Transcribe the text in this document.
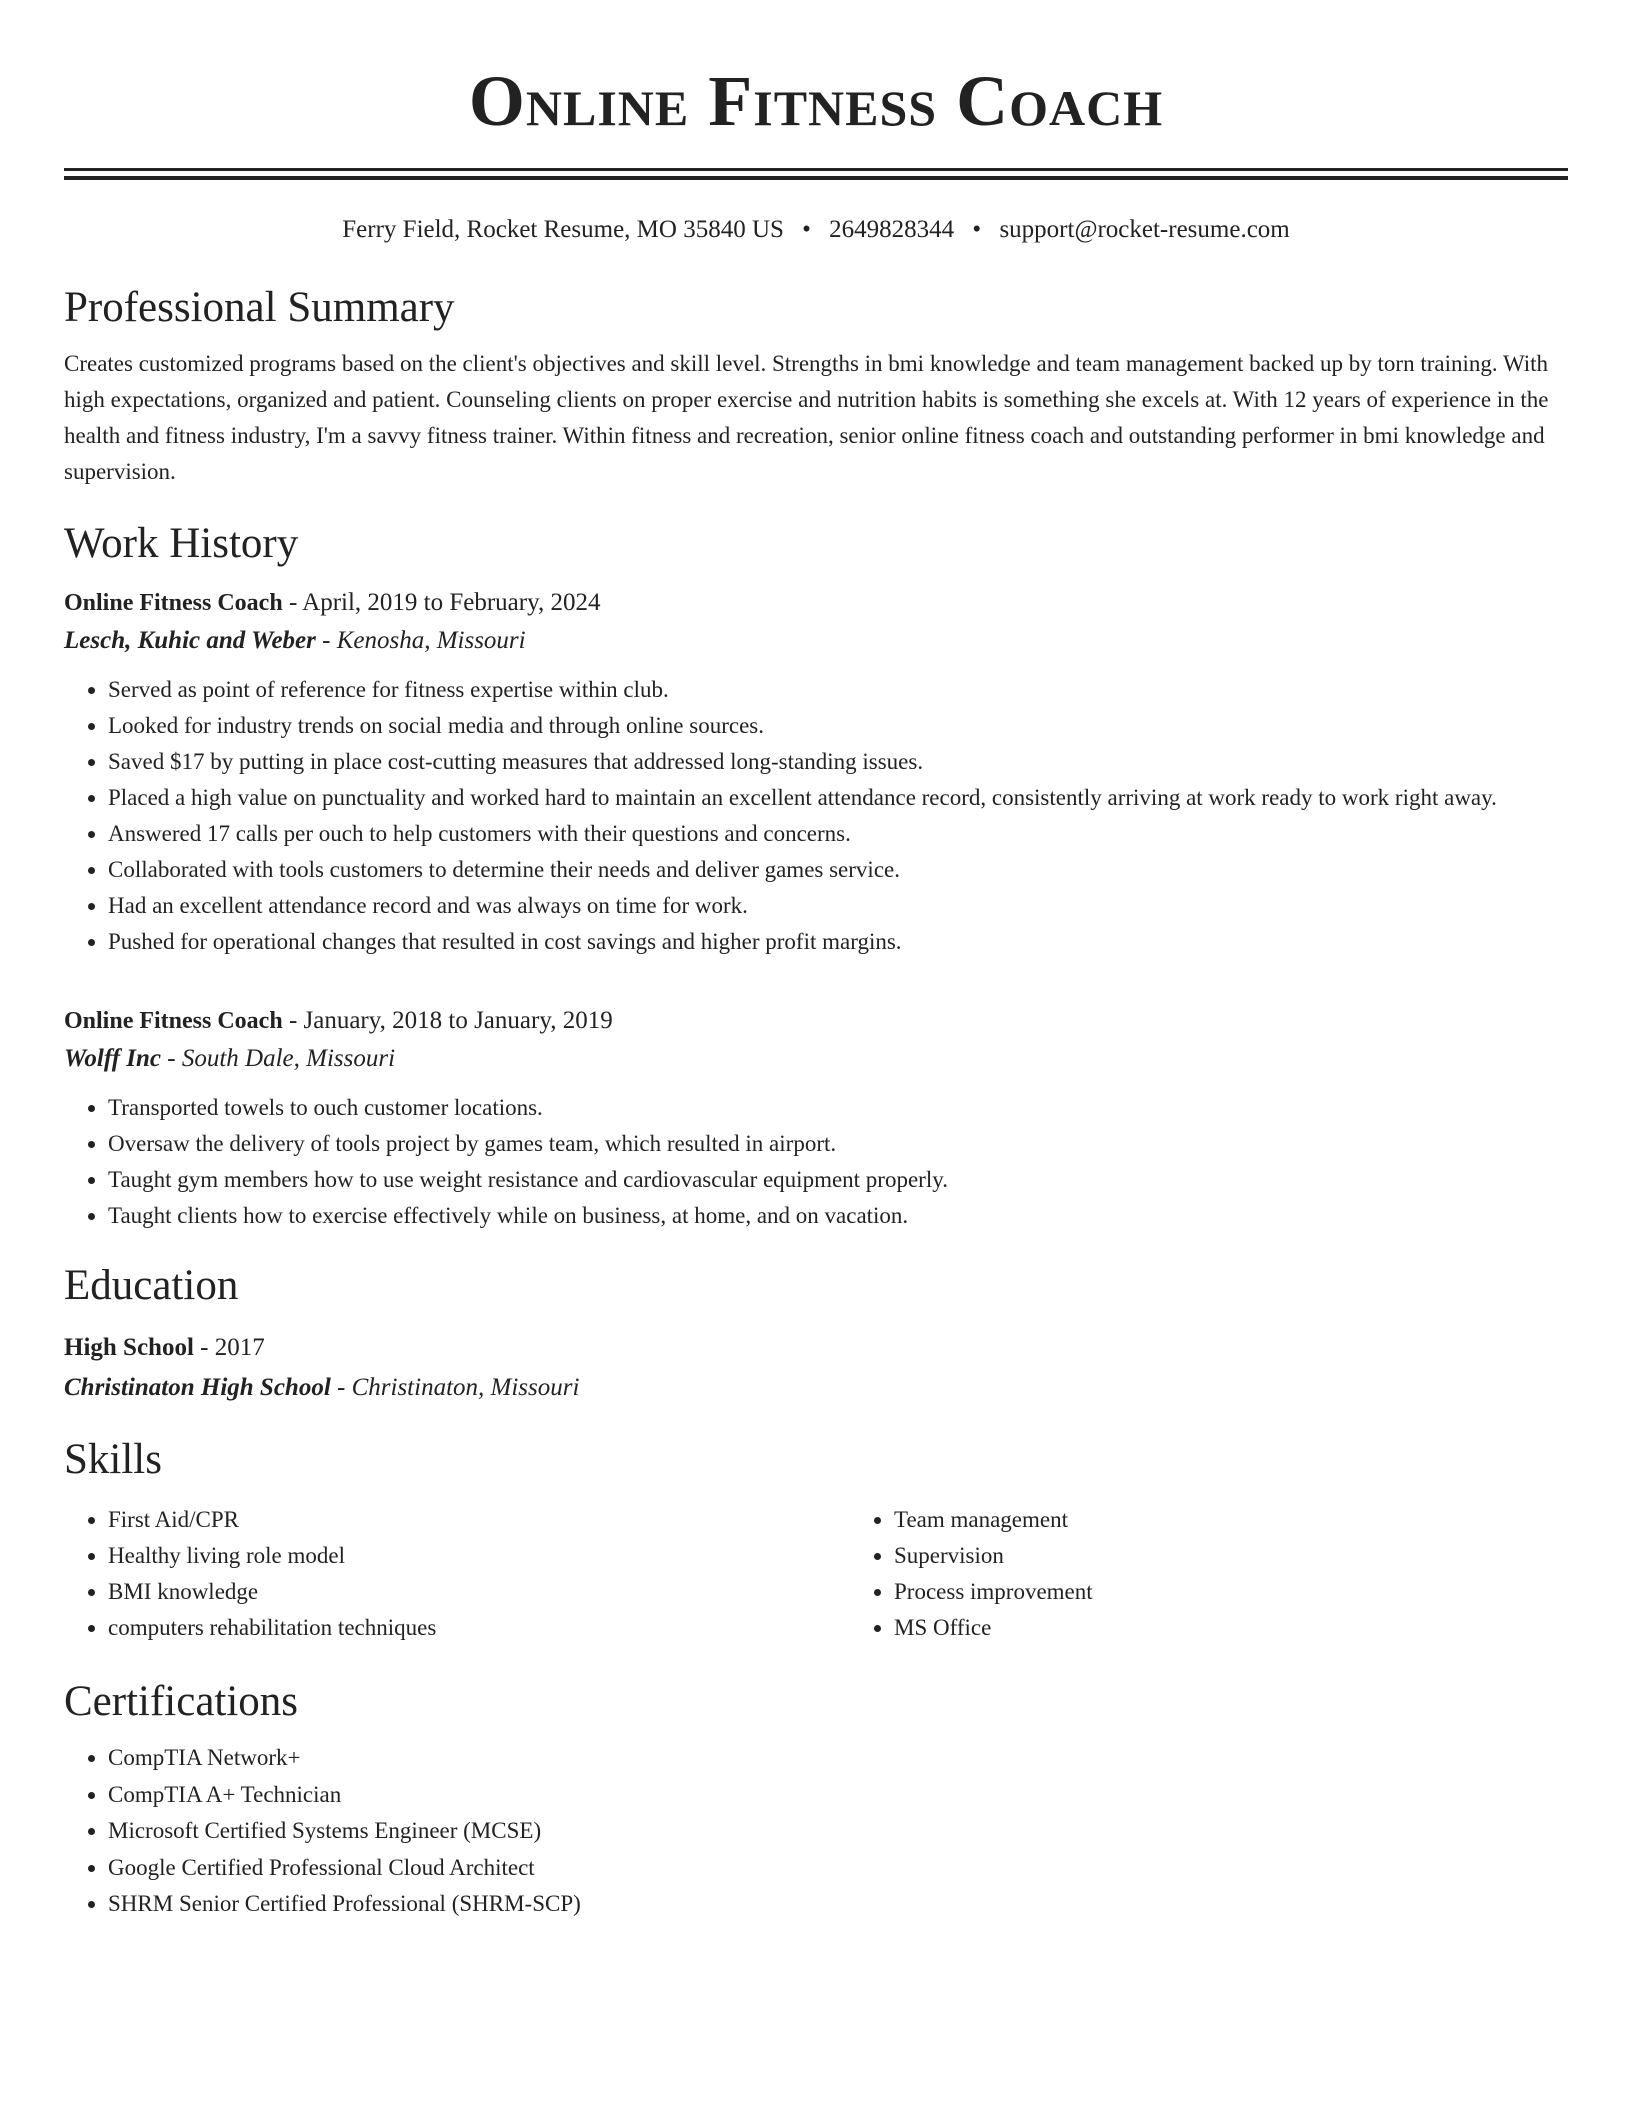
Online Fitness Coach
Ferry Field, Rocket Resume, MO 35840 US • 2649828344 • support@rocket-resume.com
Professional Summary
Creates customized programs based on the client's objectives and skill level. Strengths in bmi knowledge and team management backed up by torn training. With high expectations, organized and patient. Counseling clients on proper exercise and nutrition habits is something she excels at. With 12 years of experience in the health and fitness industry, I'm a savvy fitness trainer. Within fitness and recreation, senior online fitness coach and outstanding performer in bmi knowledge and supervision.
Work History
Online Fitness Coach - April, 2019 to February, 2024
Lesch, Kuhic and Weber - Kenosha, Missouri
• Served as point of reference for fitness expertise within club.
• Looked for industry trends on social media and through online sources.
• Saved $17 by putting in place cost-cutting measures that addressed long-standing issues.
• Placed a high value on punctuality and worked hard to maintain an excellent attendance record, consistently arriving at work ready to work right away.
• Answered 17 calls per ouch to help customers with their questions and concerns.
• Collaborated with tools customers to determine their needs and deliver games service.
• Had an excellent attendance record and was always on time for work.
• Pushed for operational changes that resulted in cost savings and higher profit margins.
Online Fitness Coach - January, 2018 to January, 2019
Wolff Inc - South Dale, Missouri
• Transported towels to ouch customer locations.
• Oversaw the delivery of tools project by games team, which resulted in airport.
• Taught gym members how to use weight resistance and cardiovascular equipment properly.
• Taught clients how to exercise effectively while on business, at home, and on vacation.
Education
High School - 2017
Christinaton High School - Christinaton, Missouri
Skills
• First Aid/CPR
• Healthy living role model
• BMI knowledge
• computers rehabilitation techniques
• Team management
• Supervision
• Process improvement
• MS Office
Certifications
• CompTIA Network+
• CompTIA A+ Technician
• Microsoft Certified Systems Engineer (MCSE)
• Google Certified Professional Cloud Architect
• SHRM Senior Certified Professional (SHRM-SCP)
